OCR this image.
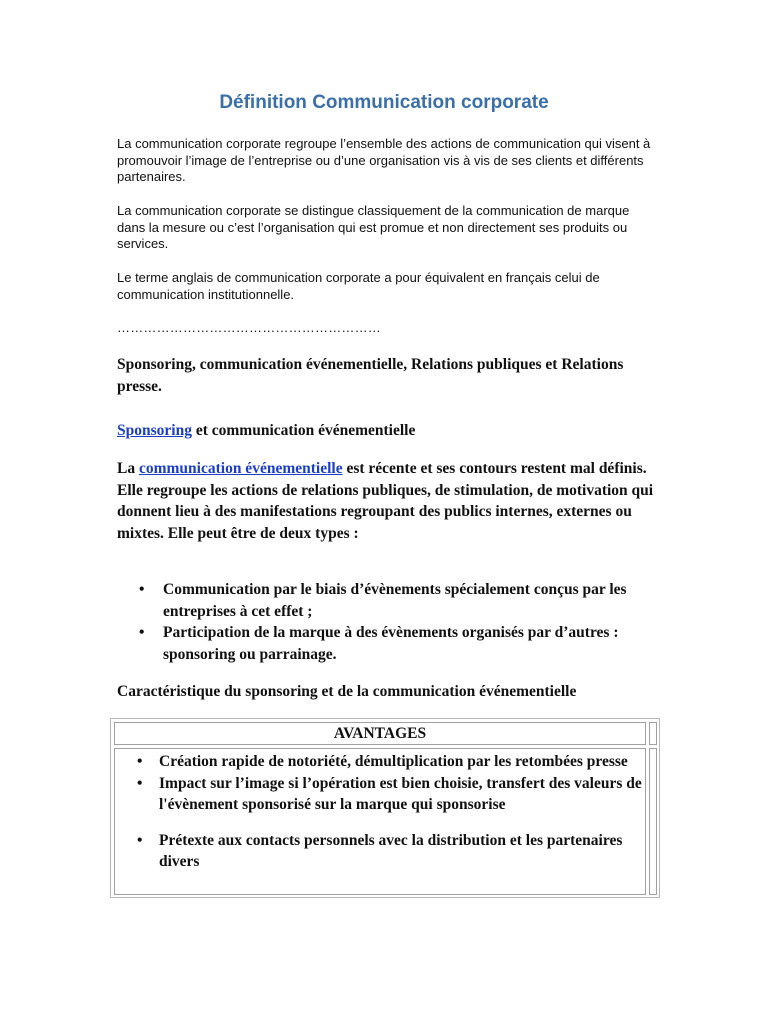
Définition Communication corporate

La communication corporate regroupe l’ensemble des actions de communication qui visent à promouvoir l’image de l’entreprise ou d’une organisation vis à vis de ses clients et différents partenaires.

La communication corporate se distingue classiquement de la communication de marque dans la mesure ou c’est l’organisation qui est promue et non directement ses produits ou services.

Le terme anglais de communication corporate a pour équivalent en français celui de communication institutionnelle.

……………………………………………………

Sponsoring, communication événementielle, Relations publiques et Relations presse.

Sponsoring et communication événementielle

La communication événementielle est récente et ses contours restent mal définis. Elle regroupe les actions de relations publiques, de stimulation, de motivation qui donnent lieu à des manifestations regroupant des publics internes, externes ou mixtes. Elle peut être de deux types :

• Communication par le biais d’évènements spécialement conçus par les entreprises à cet effet ;
• Participation de la marque à des évènements organisés par d’autres : sponsoring ou parrainage.

Caractéristique du sponsoring et de la communication événementielle

AVANTAGES
• Création rapide de notoriété, démultiplication par les retombées presse
• Impact sur l’image si l’opération est bien choisie, transfert des valeurs de l'évènement sponsorisé sur la marque qui sponsorise
• Prétexte aux contacts personnels avec la distribution et les partenaires divers
